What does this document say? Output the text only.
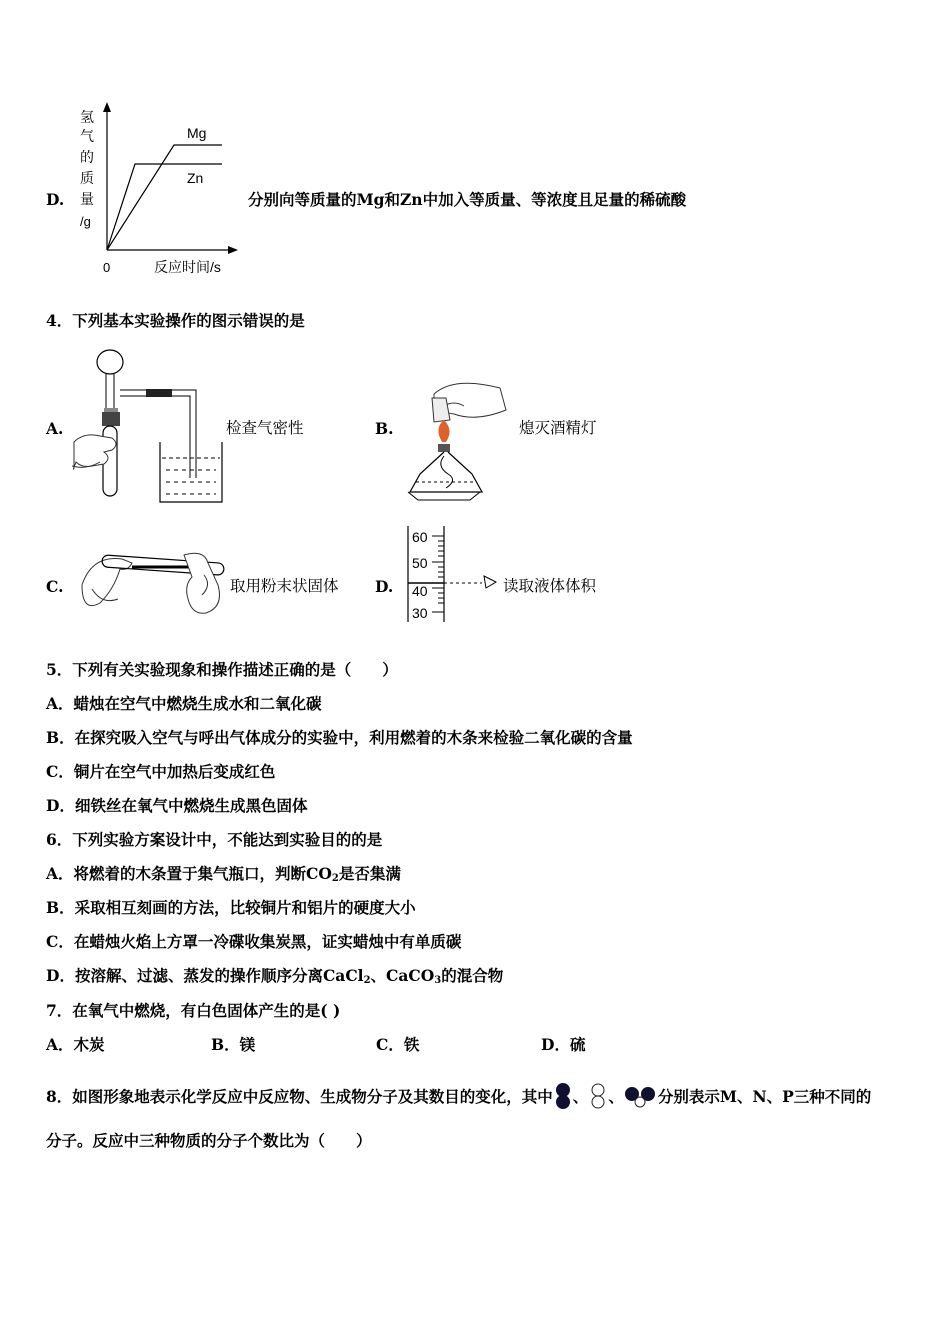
D.
Mg
Zn
0	反应时间/s
氢
气
的
质
量
/g
分别向等质量的Mg和Zn中加入等质量、等浓度且足量的稀硫酸
4．下列基本实验操作的图示错误的是
A.	检查气密性	B.	熄灭酒精灯
C.	取用粉末状固体 D.
60
50
40
30
读取液体体积
5．下列有关实验现象和操作描述正确的是（　　）
A．蜡烛在空气中燃烧生成水和二氧化碳
B．在探究吸入空气与呼出气体成分的实验中，利用燃着的木条来检验二氧化碳的含量
C．铜片在空气中加热后变成红色
D．细铁丝在氧气中燃烧生成黑色固体
6．下列实验方案设计中，不能达到实验目的的是
A．将燃着的木条置于集气瓶口，判断$CO_2$是否集满
B．采取相互刻画的方法，比较铜片和铝片的硬度大小
C．在蜡烛火焰上方罩一冷碟收集炭黑，证实蜡烛中有单质碳
D．按溶解、过滤、蒸发的操作顺序分离CaCl$_2$、CaCO$_3$的混合物
7．在氧气中燃烧，有白色固体产生的是( )
A．木炭	B．镁	C．铁	D．硫
8．如图形象地表示化学反应中反应物、生成物分子及其数目的变化，其中 、 、 分别表示M、N、P三种不同的
分子。反应中三种物质的分子个数比为（　　）
